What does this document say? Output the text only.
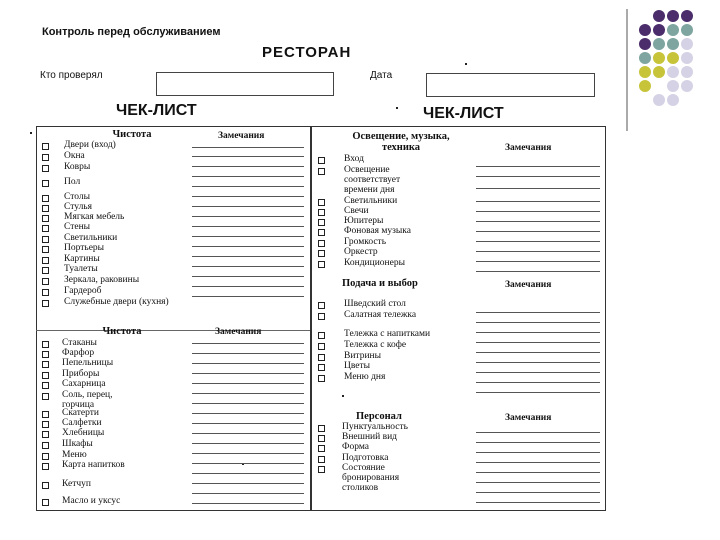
Контроль перед обслуживанием
РЕСТОРАН
Кто проверял	Дата
ЧЕК-ЛИСТ	ЧЕК-ЛИСТ
Чистота	Замечания
Двери (вход)
Окна
Ковры
Пол
Столы
Стулья
Мягкая мебель
Стены
Светильники
Портьеры
Картины
Туалеты
Зеркала, раковины
Гардероб
Служебные двери (кухня)
Чистота	Замечания
Стаканы
Фарфор
Пепельницы
Приборы
Сахарница
Соль, перец, горчица
Скатерти
Салфетки
Хлебницы
Шкафы
Меню
Карта напитков
Кетчуп
Масло и уксус
Освещение, музыка, техника	Замечания
Вход
Освещение соответствует времени дня
Светильники
Свечи
Юпитеры
Фоновая музыка
Громкость
Оркестр
Кондиционеры
Подача и выбор	Замечания
Шведский стол
Салатная тележка
Тележка с напитками
Тележка с кофе
Витрины
Цветы
Меню дня
Персонал	Замечания
Пунктуальность
Внешний вид
Форма
Подготовка
Состояние бронирования столиков
